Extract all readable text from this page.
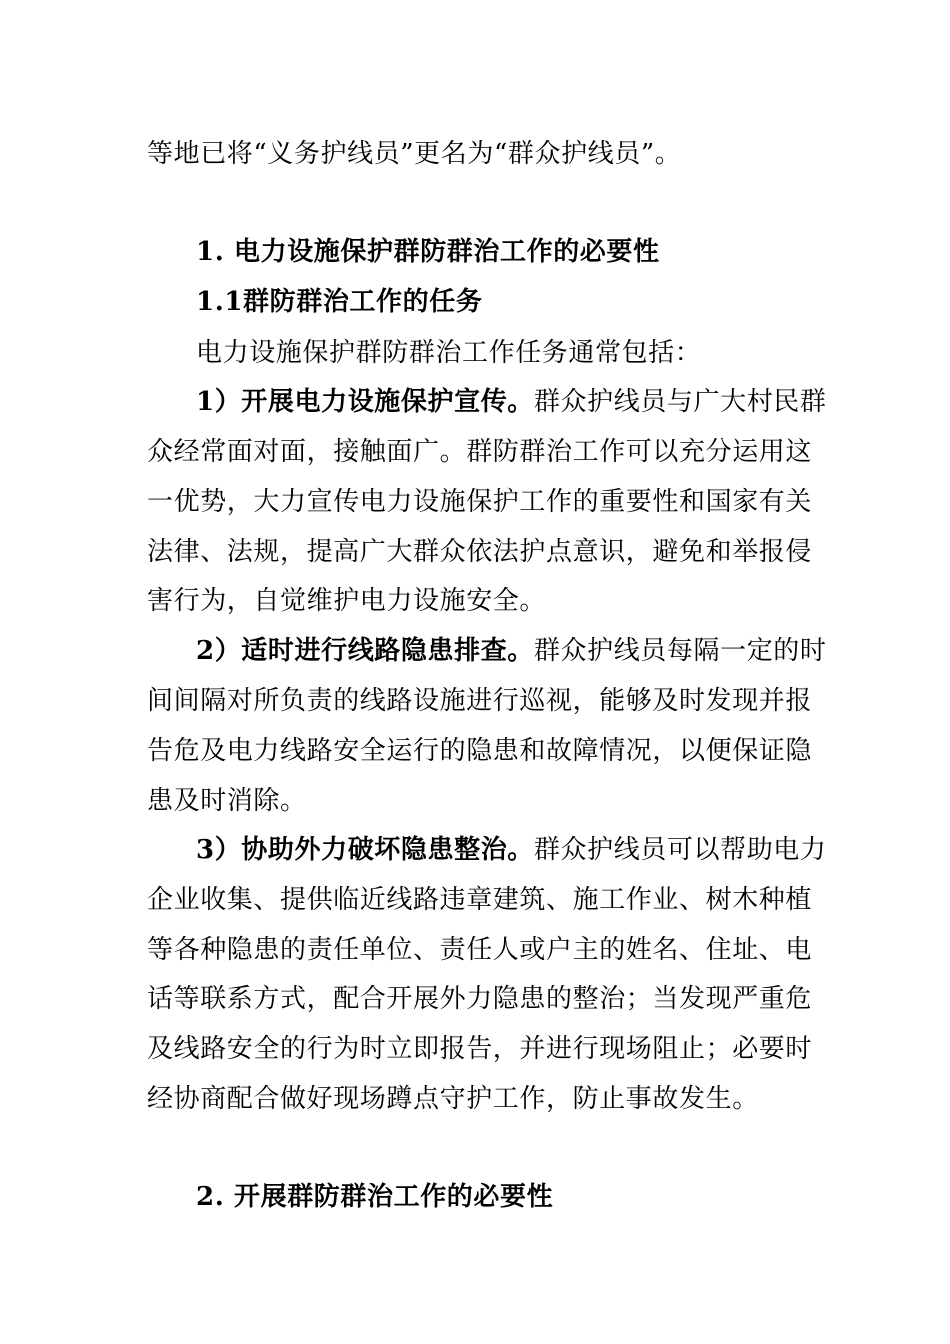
等地已将“义务护线员”更名为“群众护线员”。
1. 电力设施保护群防群治工作的必要性
1.1群防群治工作的任务
电力设施保护群防群治工作任务通常包括：
1）开展电力设施保护宣传。群众护线员与广大村民群
众经常面对面，接触面广。群防群治工作可以充分运用这
一优势，大力宣传电力设施保护工作的重要性和国家有关
法律、法规，提高广大群众依法护点意识，避免和举报侵
害行为，自觉维护电力设施安全。
2）适时进行线路隐患排查。群众护线员每隔一定的时
间间隔对所负责的线路设施进行巡视，能够及时发现并报
告危及电力线路安全运行的隐患和故障情况，以便保证隐
患及时消除。
3）协助外力破坏隐患整治。群众护线员可以帮助电力
企业收集、提供临近线路违章建筑、施工作业、树木种植
等各种隐患的责任单位、责任人或户主的姓名、住址、电
话等联系方式，配合开展外力隐患的整治；当发现严重危
及线路安全的行为时立即报告，并进行现场阻止；必要时
经协商配合做好现场蹲点守护工作，防止事故发生。
2. 开展群防群治工作的必要性
